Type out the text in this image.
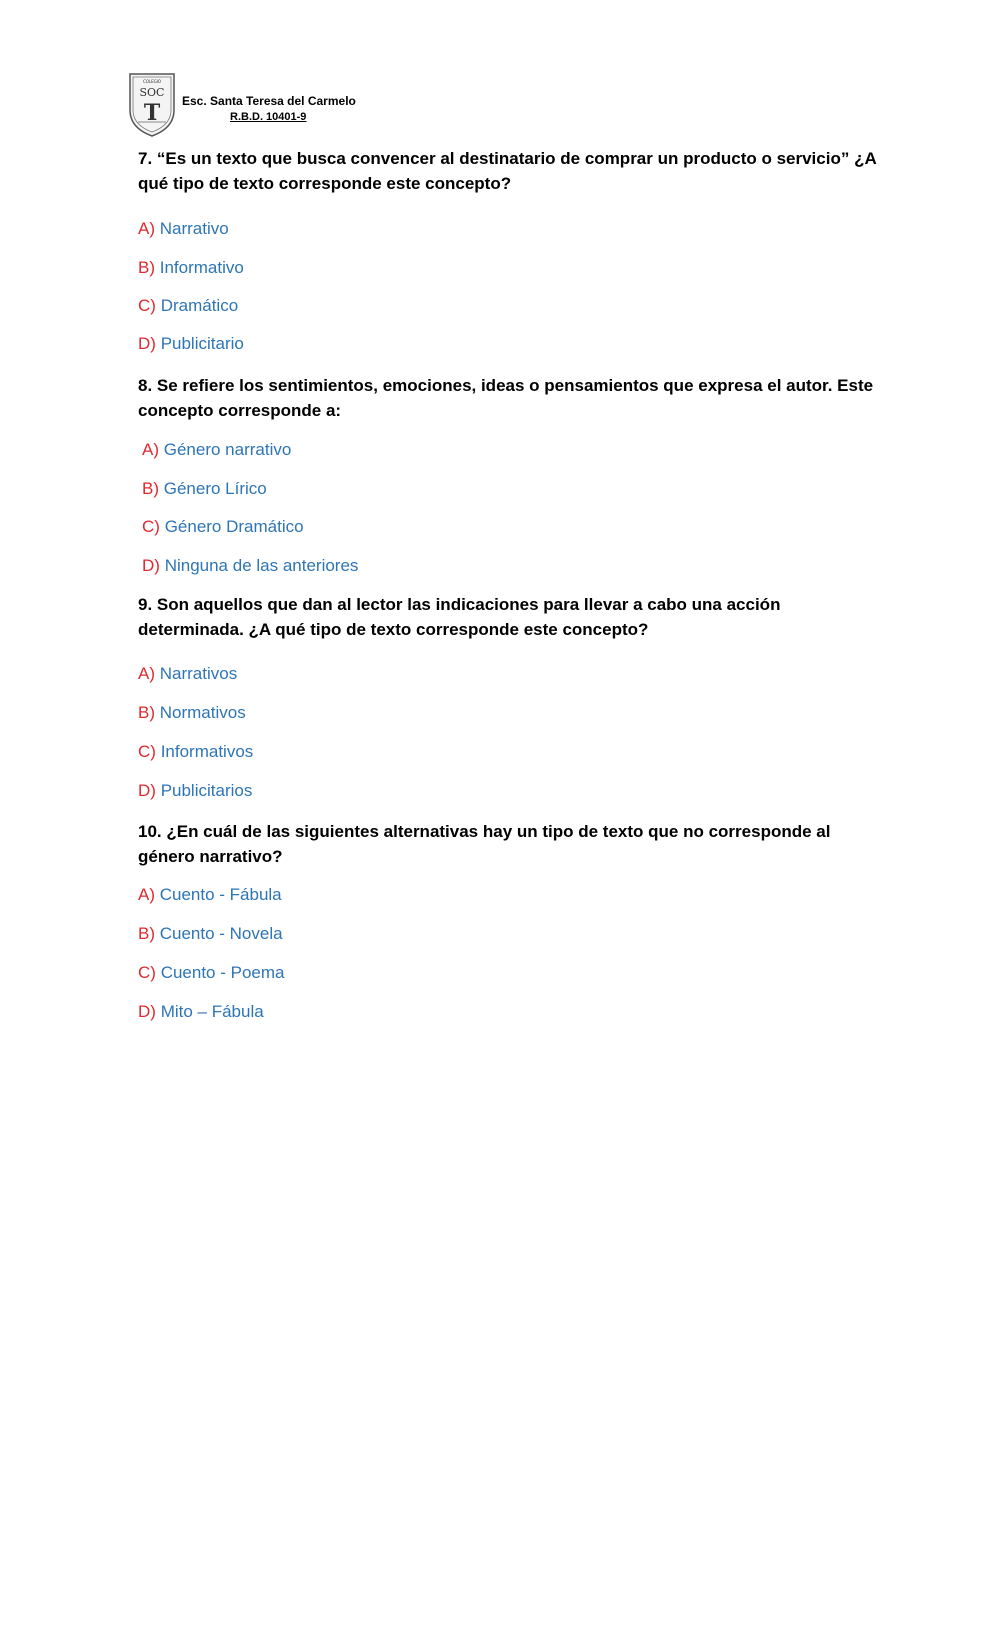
COLEGIO
SOC
T Esc. Santa Teresa del Carmelo
R.B.D. 10401-9
7. “Es un texto que busca convencer al destinatario de comprar un producto o servicio” ¿A qué tipo de texto corresponde este concepto?
A) Narrativo
B) Informativo
C) Dramático
D) Publicitario
8. Se refiere los sentimientos, emociones, ideas o pensamientos que expresa el autor. Este concepto corresponde a:
A) Género narrativo
B) Género Lírico
C) Género Dramático
D) Ninguna de las anteriores
9. Son aquellos que dan al lector las indicaciones para llevar a cabo una acción determinada. ¿A qué tipo de texto corresponde este concepto?
A) Narrativos
B) Normativos
C) Informativos
D) Publicitarios
10. ¿En cuál de las siguientes alternativas hay un tipo de texto que no corresponde al género narrativo?
A) Cuento - Fábula
B) Cuento - Novela
C) Cuento - Poema
D) Mito – Fábula
